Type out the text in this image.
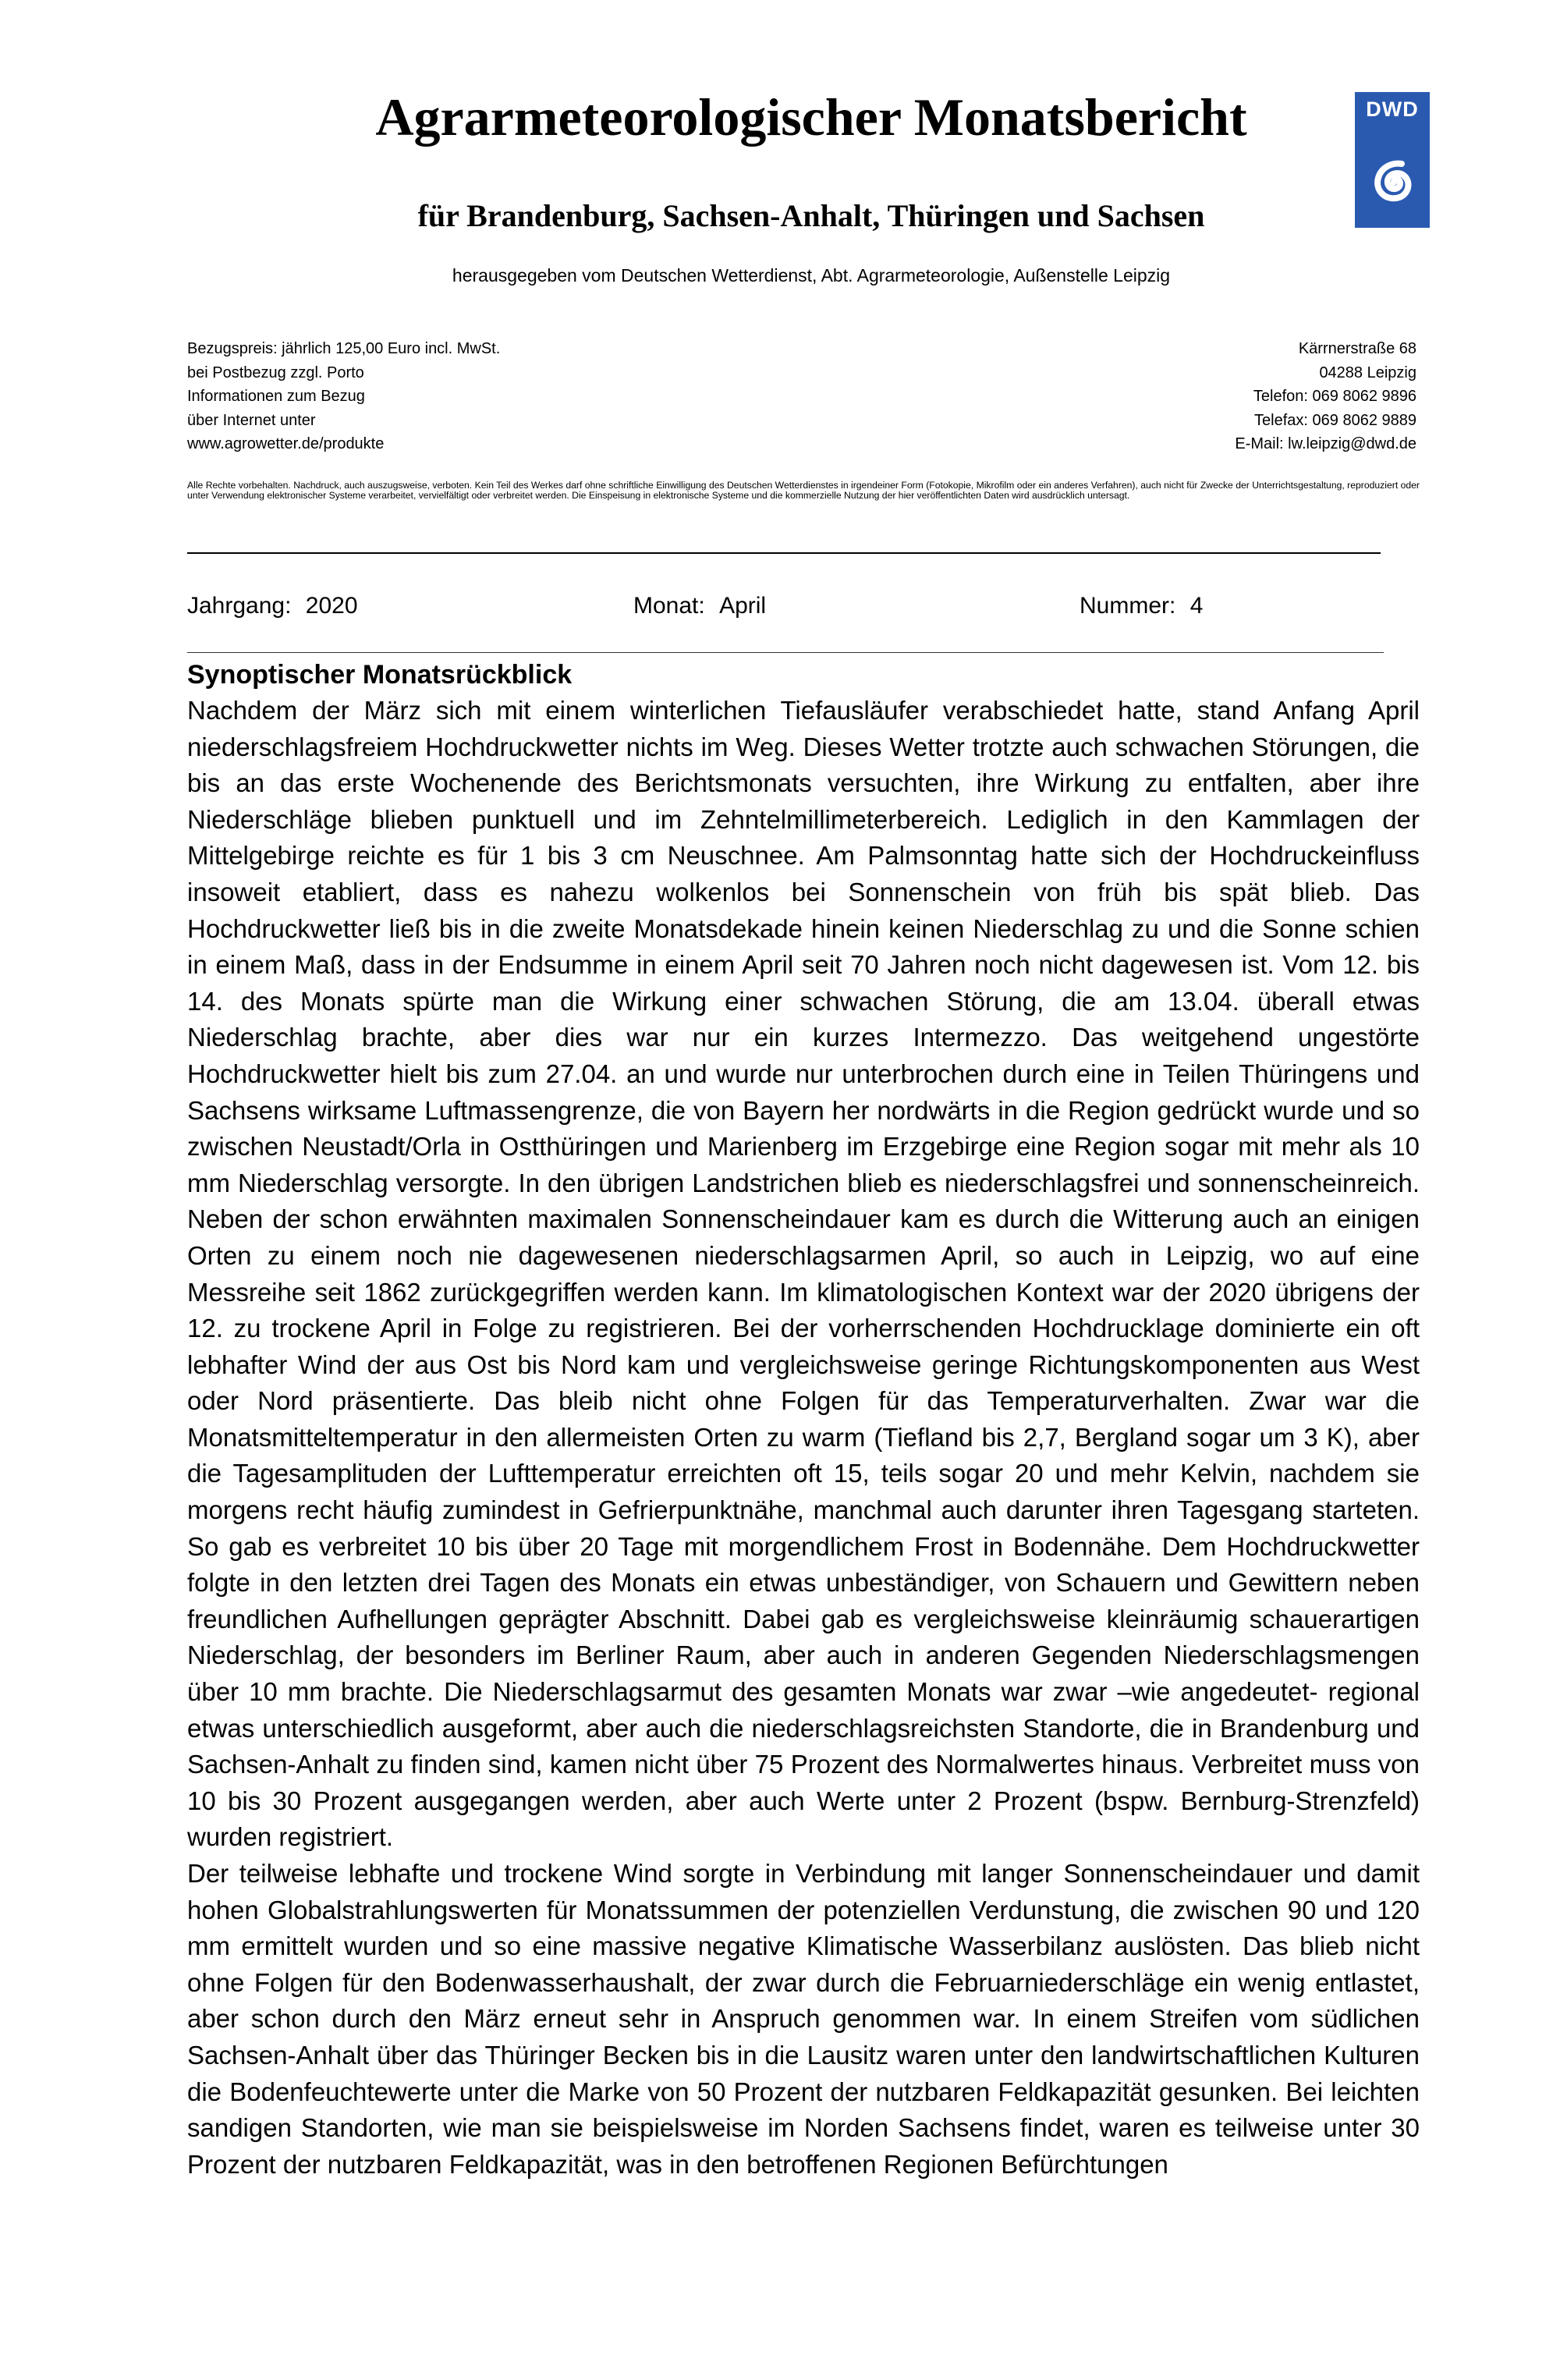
Agrarmeteorologischer Monatsbericht
für Brandenburg, Sachsen-Anhalt, Thüringen und Sachsen

herausgegeben vom Deutschen Wetterdienst, Abt. Agrarmeteorologie, Außenstelle Leipzig

DWD
Bezugspreis: jährlich 125,00 Euro incl. MwSt.
bei Postbezug zzgl. Porto
Informationen zum Bezug
über Internet unter
www.agrowetter.de/produkte
Kärrnerstraße 68
04288 Leipzig
Telefon: 069 8062 9896
Telefax: 069 8062 9889
E-Mail: lw.leipzig@dwd.de
Alle Rechte vorbehalten. Nachdruck, auch auszugsweise, verboten. Kein Teil des Werkes darf ohne schriftliche Einwilligung des Deutschen Wetterdienstes in irgendeiner Form (Fotokopie, Mikrofilm oder ein anderes Verfahren), auch nicht für Zwecke der Unterrichtsgestaltung, reproduziert oder unter Verwendung elektronischer Systeme verarbeitet, vervielfältigt oder verbreitet werden. Die Einspeisung in elektronische Systeme und die kommerzielle Nutzung der hier veröffentlichten Daten wird ausdrücklich untersagt.
Jahrgang: 2020	Monat: April	Nummer: 4
Synoptischer Monatsrückblick

Nachdem der März sich mit einem winterlichen Tiefausläufer verabschiedet hatte, stand Anfang April niederschlagsfreiem Hochdruckwetter nichts im Weg. Dieses Wetter trotzte auch schwachen Störungen, die bis an das erste Wochenende des Berichtsmonats versuchten, ihre Wirkung zu entfalten, aber ihre Niederschläge blieben punktuell und im Zehntelmillimeterbereich. Lediglich in den Kammlagen der Mittelgebirge reichte es für 1 bis 3 cm Neuschnee. Am Palmsonntag hatte sich der Hochdruckeinfluss insoweit etabliert, dass es nahezu wolkenlos bei Sonnenschein von früh bis spät blieb. Das Hochdruckwetter ließ bis in die zweite Monatsdekade hinein keinen Niederschlag zu und die Sonne schien in einem Maß, dass in der Endsumme in einem April seit 70 Jahren noch nicht dagewesen ist. Vom 12. bis 14. des Monats spürte man die Wirkung einer schwachen Störung, die am 13.04. überall etwas Niederschlag brachte, aber dies war nur ein kurzes Intermezzo. Das weitgehend ungestörte Hochdruckwetter hielt bis zum 27.04. an und wurde nur unterbrochen durch eine in Teilen Thüringens und Sachsens wirksame Luftmassengrenze, die von Bayern her nordwärts in die Region gedrückt wurde und so zwischen Neustadt/Orla in Ostthüringen und Marienberg im Erzgebirge eine Region sogar mit mehr als 10 mm Niederschlag versorgte. In den übrigen Landstrichen blieb es niederschlagsfrei und sonnenscheinreich. Neben der schon erwähnten maximalen Sonnenscheindauer kam es durch die Witterung auch an einigen Orten zu einem noch nie dagewesenen niederschlagsarmen April, so auch in Leipzig, wo auf eine Messreihe seit 1862 zurückgegriffen werden kann. Im klimatologischen Kontext war der 2020 übrigens der 12. zu trockene April in Folge zu registrieren. Bei der vorherrschenden Hochdrucklage dominierte ein oft lebhafter Wind der aus Ost bis Nord kam und vergleichsweise geringe Richtungskomponenten aus West oder Nord präsentierte. Das bleib nicht ohne Folgen für das Temperaturverhalten. Zwar war die Monatsmitteltemperatur in den allermeisten Orten zu warm (Tiefland bis 2,7, Bergland sogar um 3 K), aber die Tagesamplituden der Lufttemperatur erreichten oft 15, teils sogar 20 und mehr Kelvin, nachdem sie morgens recht häufig zumindest in Gefrierpunktnähe, manchmal auch darunter ihren Tagesgang starteten. So gab es verbreitet 10 bis über 20 Tage mit morgendlichem Frost in Bodennähe. Dem Hochdruckwetter folgte in den letzten drei Tagen des Monats ein etwas unbeständiger, von Schauern und Gewittern neben freundlichen Aufhellungen geprägter Abschnitt. Dabei gab es vergleichsweise kleinräumig schauerartigen Niederschlag, der besonders im Berliner Raum, aber auch in anderen Gegenden Niederschlagsmengen über 10 mm brachte. Die Niederschlagsarmut des gesamten Monats war zwar –wie angedeutet- regional etwas unterschiedlich ausgeformt, aber auch die niederschlagsreichsten Standorte, die in Brandenburg und Sachsen-Anhalt zu finden sind, kamen nicht über 75 Prozent des Normalwertes hinaus. Verbreitet muss von 10 bis 30 Prozent ausgegangen werden, aber auch Werte unter 2 Prozent (bspw. Bernburg-Strenzfeld) wurden registriert.

Der teilweise lebhafte und trockene Wind sorgte in Verbindung mit langer Sonnenscheindauer und damit hohen Globalstrahlungswerten für Monatssummen der potenziellen Verdunstung, die zwischen 90 und 120 mm ermittelt wurden und so eine massive negative Klimatische Wasserbilanz auslösten. Das blieb nicht ohne Folgen für den Bodenwasserhaushalt, der zwar durch die Februarniederschläge ein wenig entlastet, aber schon durch den März erneut sehr in Anspruch genommen war. In einem Streifen vom südlichen Sachsen-Anhalt über das Thüringer Becken bis in die Lausitz waren unter den landwirtschaftlichen Kulturen die Bodenfeuchtewerte unter die Marke von 50 Prozent der nutzbaren Feldkapazität gesunken. Bei leichten sandigen Standorten, wie man sie beispielsweise im Norden Sachsens findet, waren es teilweise unter 30 Prozent der nutzbaren Feldkapazität, was in den betroffenen Regionen Befürchtungen
